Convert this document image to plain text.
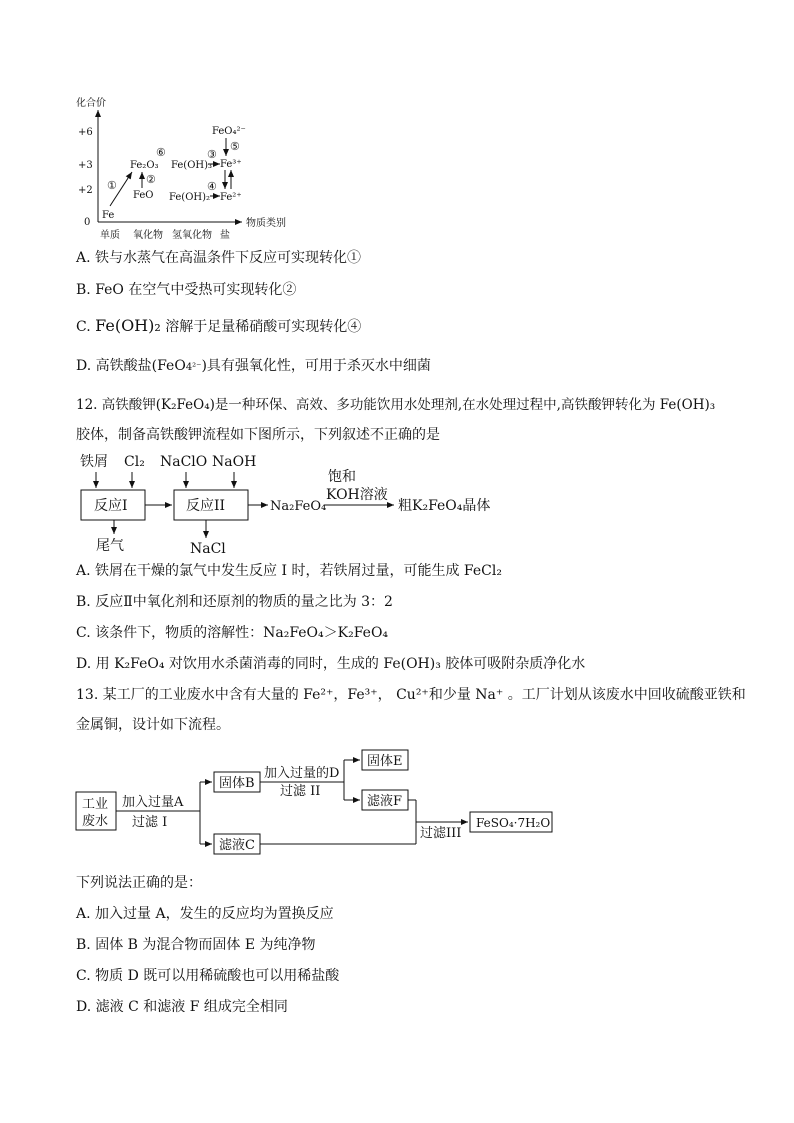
化合价
物质类别
+6
+3
+2
0
单质 氧化物 氢氧化物 盐
Fe
Fe₂O₃
FeO
Fe(OH)₃
Fe(OH)₂
Fe³⁺
Fe²⁺
FeO₄²⁻
①	②
③
④
⑤
⑥
A. 铁与水蒸气在高温条件下反应可实现转化①
B. FeO 在空气中受热可实现转化②
C. Fe(OH)₂ 溶解于足量稀硝酸可实现转化④
D. 高铁酸盐(FeO4²⁻)具有强氧化性，可用于杀灭水中细菌
12. 高铁酸钾(K₂FeO₄)是一种环保、高效、多功能饮用水处理剂,在水处理过程中,高铁酸钾转化为 Fe(OH)₃
胶体，制备高铁酸钾流程如下图所示，下列叙述不正确的是
铁屑 Cl₂ NaClO NaOH
反应I	反应II	Na₂FeO₄
饱和
KOH溶液
粗K₂FeO₄晶体
尾气	NaCl
A. 铁屑在干燥的氯气中发生反应 I 时，若铁屑过量，可能生成 FeCl₂
B. 反应Ⅱ中氧化剂和还原剂的物质的量之比为 3：2
C. 该条件下，物质的溶解性：Na₂FeO₄＞K₂FeO₄
D. 用 K₂FeO₄ 对饮用水杀菌消毒的同时，生成的 Fe(OH)₃ 胶体可吸附杂质净化水
13. 某工厂的工业废水中含有大量的 Fe²⁺，Fe³⁺， Cu²⁺和少量 Na⁺ 。工厂计划从该废水中回收硫酸亚铁和
金属铜，设计如下流程。
工业
废水
加入过量A
过滤 I
固体B
滤液C
加入过量的D
过滤 II
固体E
滤液F
过滤III
FeSO₄·7H₂O
下列说法正确的是：
A. 加入过量 A，发生的反应均为置换反应
B. 固体 B 为混合物而固体 E 为纯净物
C. 物质 D 既可以用稀硫酸也可以用稀盐酸
D. 滤液 C 和滤液 F 组成完全相同
